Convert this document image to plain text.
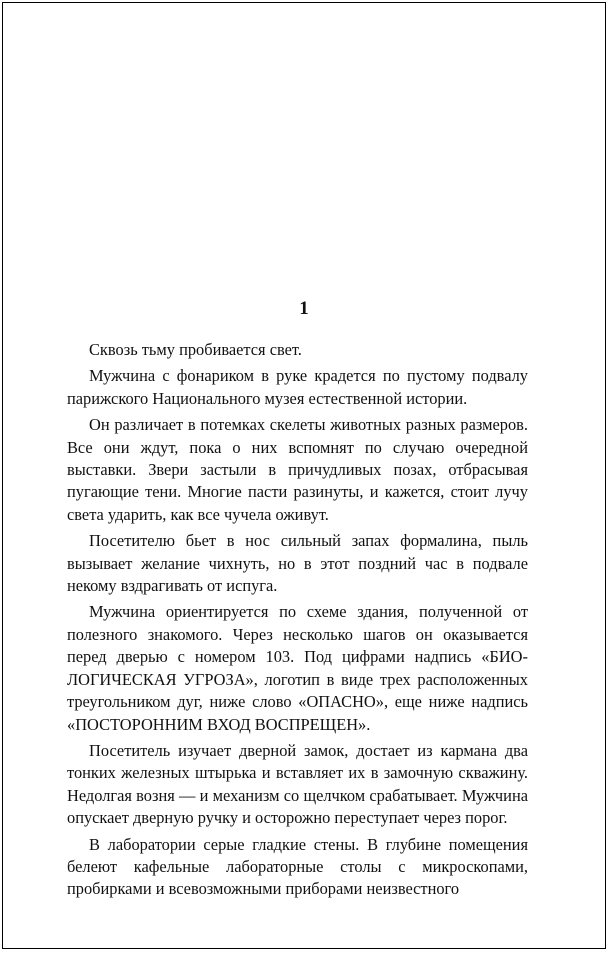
1

Сквозь тьму пробивается свет.

Мужчина с фонариком в руке крадется по пустому подвалу парижского Национального музея естественной истории.

Он различает в потемках скелеты животных разных размеров. Все они ждут, пока о них вспомнят по случаю очередной выставки. Звери застыли в причудливых позах, отбрасывая пугающие тени. Многие пасти разинуты, и кажется, стоит лучу света ударить, как все чучела оживут.

Посетителю бьет в нос сильный запах формалина, пыль вызывает желание чихнуть, но в этот поздний час в подвале некому вздрагивать от испуга.

Мужчина ориентируется по схеме здания, полученной от полезного знакомого. Через несколько шагов он оказывается перед дверью с номером 103. Под цифрами надпись «БИОЛОГИЧЕСКАЯ УГРОЗА», логотип в виде трех расположенных треугольником дуг, ниже слово «ОПАСНО», еще ниже надпись «ПОСТОРОННИМ ВХОД ВОСПРЕЩЕН».

Посетитель изучает дверной замок, достает из кармана два тонких железных штырька и вставляет их в замочную скважину. Недолгая возня — и механизм со щелчком срабатывает. Мужчина опускает дверную ручку и осторожно переступает через порог.

В лаборатории серые гладкие стены. В глубине помещения белеют кафельные лабораторные столы с микроскопами, пробирками и всевозможными приборами неизвестного
